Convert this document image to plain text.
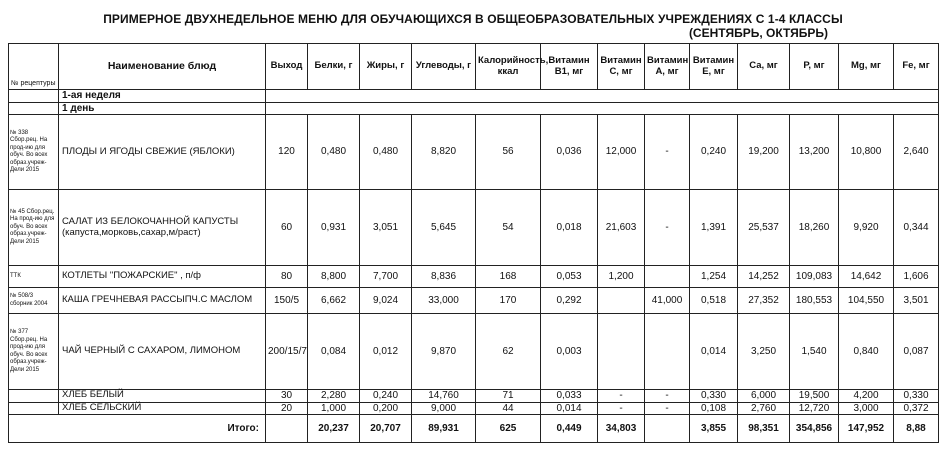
ПРИМЕРНОЕ ДВУХНЕДЕЛЬНОЕ МЕНЮ ДЛЯ ОБУЧАЮЩИХСЯ В ОБЩЕОБРАЗОВАТЕЛЬНЫХ УЧРЕЖДЕНИЯХ С 1-4 КЛАССЫ
(СЕНТЯБРЬ, ОКТЯБРЬ)
№ рецептуры	Наименование блюд	Выход	Белки, г	Жиры, г	Углеводы, г	Калорийность, ккал	Витамин В1, мг	Витамин С, мг	Витамин А, мг	Витамин Е, мг	Са, мг	Р, мг	Mg, мг	Fe, мг
	1-ая неделя													
	1 день													
№ 338 Сбор.рец. На прод-ию для обуч. Во всех образ.учреж-Дели 2015	ПЛОДЫ И ЯГОДЫ СВЕЖИЕ (ЯБЛОКИ)	120	0,480	0,480	8,820	56	0,036	12,000	-	0,240	19,200	13,200	10,800	2,640
№ 45 Сбор.рец. На прод-ию для обуч. Во всех образ.учреж-Дели 2015	САЛАТ ИЗ БЕЛОКОЧАННОЙ КАПУСТЫ (капуста,морковь,сахар,м/раст)	60	0,931	3,051	5,645	54	0,018	21,603	-	1,391	25,537	18,260	9,920	0,344
ТТК	КОТЛЕТЫ "ПОЖАРСКИЕ" , п/ф	80	8,800	7,700	8,836	168	0,053	1,200		1,254	14,252	109,083	14,642	1,606
№ 508/3 сборник 2004	КАША ГРЕЧНЕВАЯ РАССЫПЧ.С МАСЛОМ	150/5	6,662	9,024	33,000	170	0,292		41,000	0,518	27,352	180,553	104,550	3,501
№ 377 Сбор.рец. На прод-ию для обуч. Во всех образ.учреж-Дели 2015	ЧАЙ ЧЕРНЫЙ С САХАРОМ, ЛИМОНОМ	200/15/7	0,084	0,012	9,870	62	0,003			0,014	3,250	1,540	0,840	0,087
	ХЛЕБ БЕЛЫЙ	30	2,280	0,240	14,760	71	0,033	-	-	0,330	6,000	19,500	4,200	0,330
	ХЛЕБ СЕЛЬСКИЙ	20	1,000	0,200	9,000	44	0,014	-	-	0,108	2,760	12,720	3,000	0,372
Итого:			20,237	20,707	89,931	625	0,449	34,803		3,855	98,351	354,856	147,952	8,88
